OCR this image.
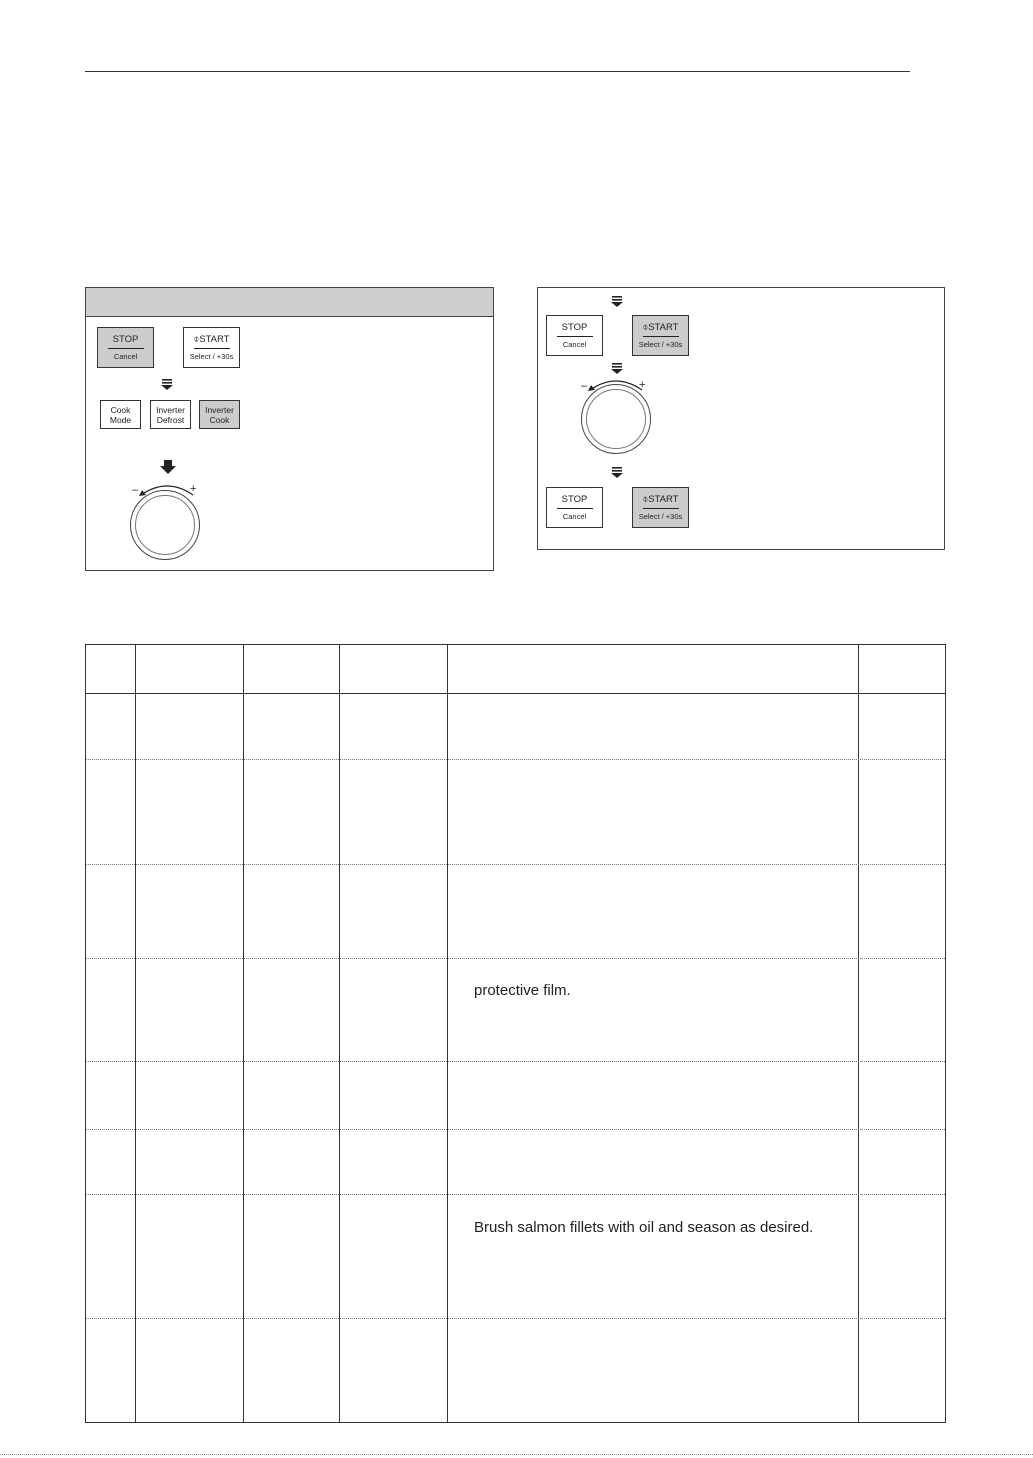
STOP
Cancel
⌽START
Select / +30s
Cook
Mode
Inverter
Defrost
Inverter
Cook
–	+
STOP
Cancel
⌽START
Select / +30s
–	+
STOP
Cancel
⌽START
Select / +30s
protective film.
Brush salmon fillets with oil and season as desired.
